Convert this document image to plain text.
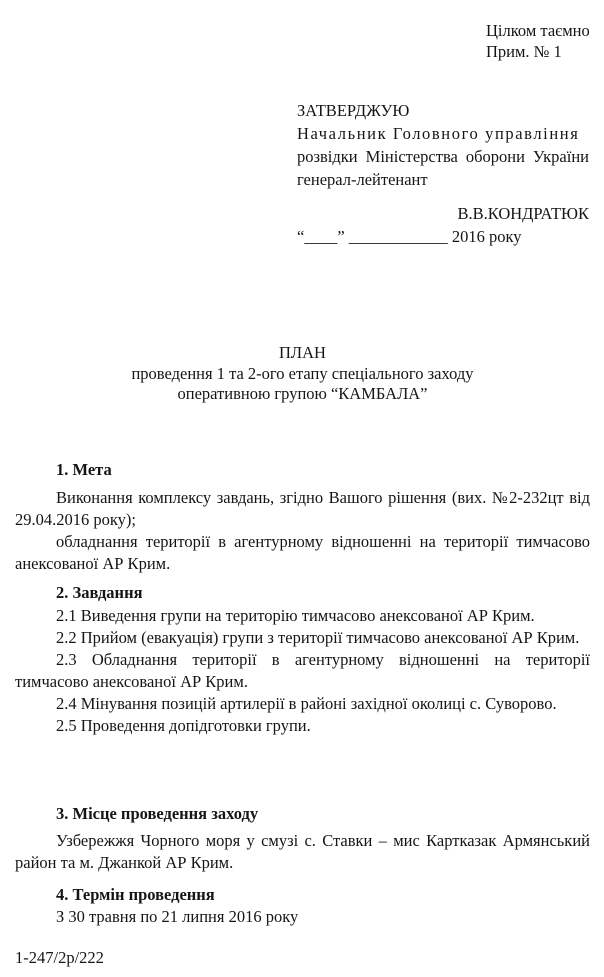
Цілком таємно
Прим. № 1
ЗАТВЕРДЖУЮ
Начальник Головного управління
розвідки Міністерства оборони України
генерал-лейтенант
В.В.КОНДРАТЮК
“____” ____________ 2016 року
ПЛАН
проведення 1 та 2-ого етапу спеціального заходу
оперативною групою “КАМБАЛА”
1. Мета
Виконання комплексу завдань, згідно Вашого рішення (вих. №2-232цт від
29.04.2016 року);
обладнання території в агентурному відношенні на території тимчасово
анексованої АР Крим.
2. Завдання
2.1 Виведення групи на територію тимчасово анексованої АР Крим.
2.2 Прийом (евакуація) групи з території тимчасово анексованої АР Крим.
2.3 Обладнання території в агентурному відношенні на території
тимчасово анексованої АР Крим.
2.4 Мінування позицій артилерії в районі західної околиці с. Суворово.
2.5 Проведення допідготовки групи.
3. Місце проведення заходу
Узбережжя Чорного моря у смузі с. Ставки – мис Картказак Армянський
район та м. Джанкой АР Крим.
4. Термін проведення
З 30 травня по 21 липня 2016 року
1-247/2р/222
